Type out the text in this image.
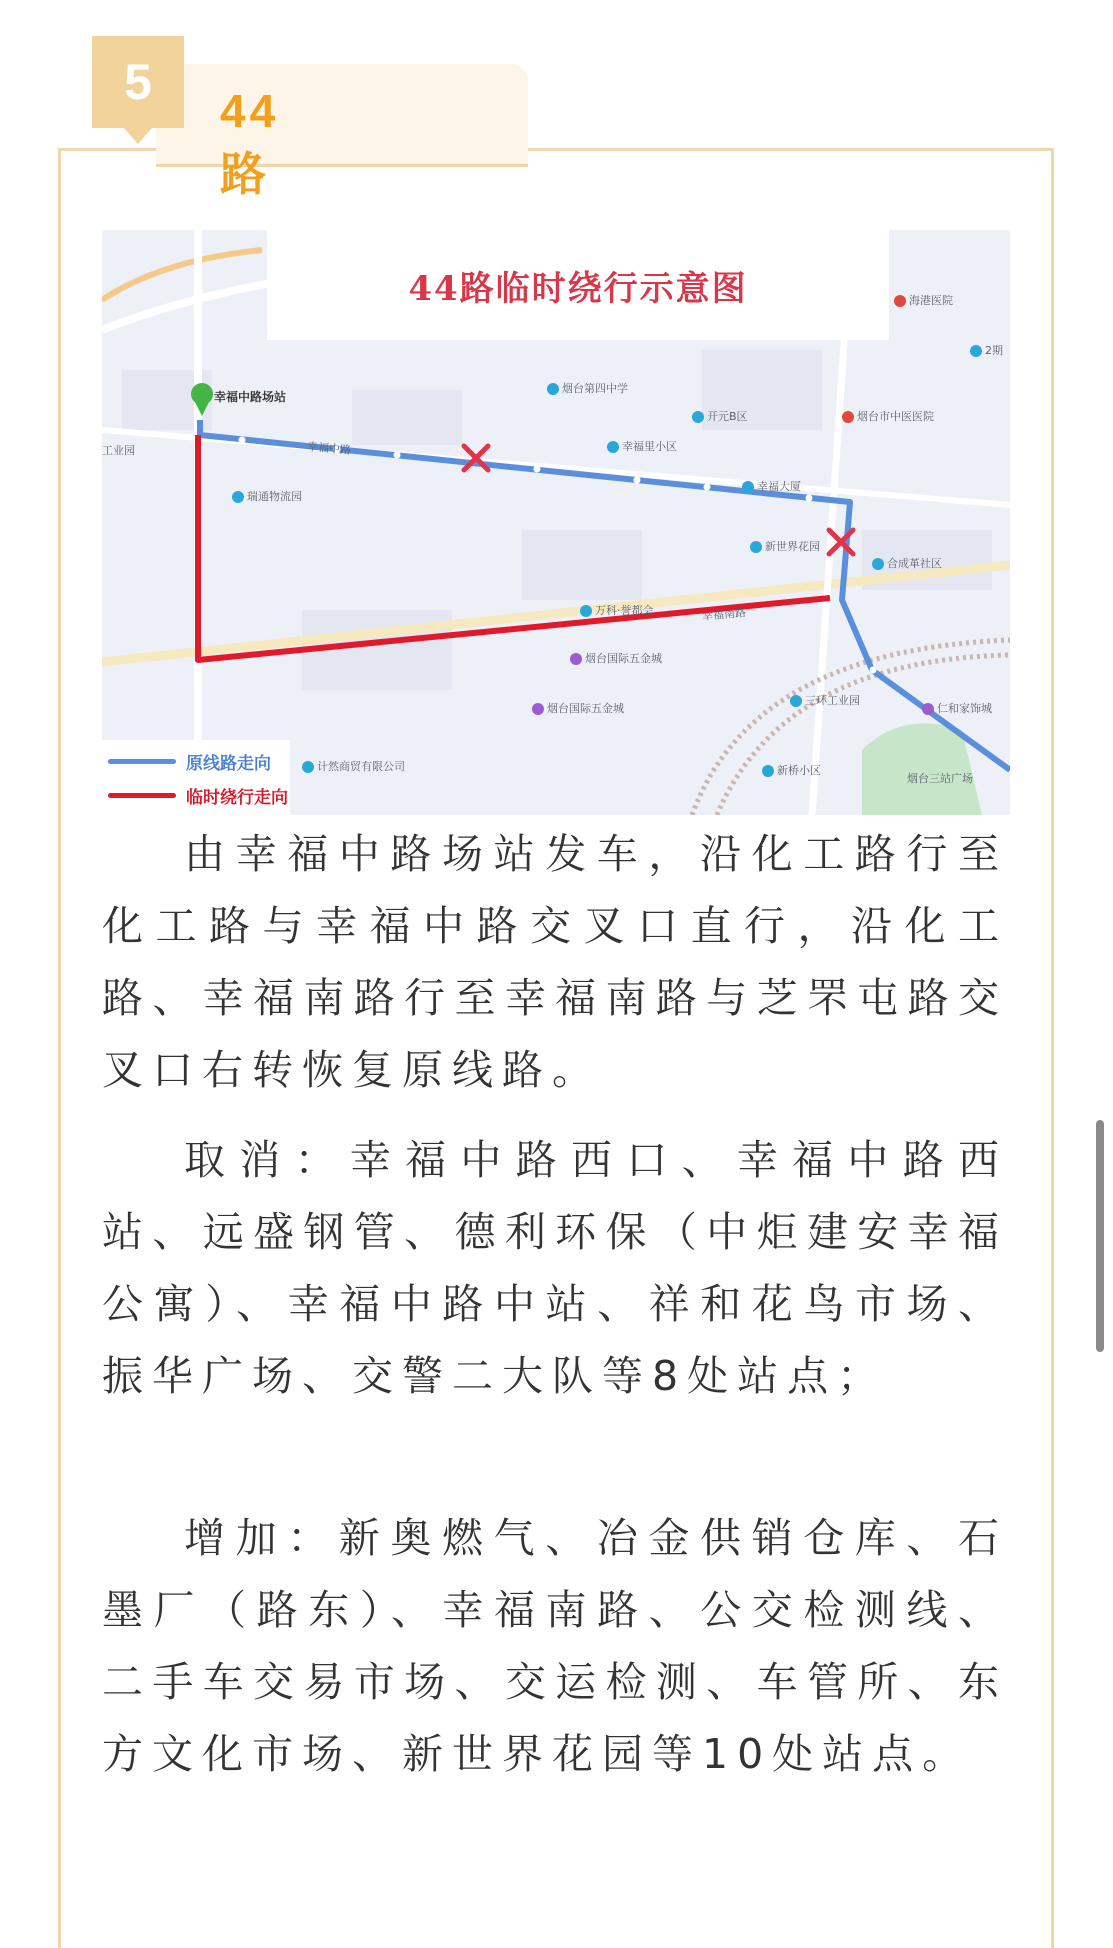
5
44路
44路临时绕行示意图
幸福中路场站
幸福中路
幸福南路
烟台第四中学
开元B区	烟台市中医医院
幸福里小区
幸福大厦
新世界花园
合成革社区
万科·誉都会
烟台国际五金城
烟台国际五金城
三环工业园
新桥小区
烟台三站广场
瑞通物流园
计然商贸有限公司
仁和家饰城
工业园
2期
海港医院
原线路走向
临时绕行走向

由幸福中路场站发车，沿化工路行至化工路与幸福中路交叉口直行，沿化工路、幸福南路行至幸福南路与芝罘屯路交叉口右转恢复原线路。

取消：幸福中路西口、幸福中路西站、远盛钢管、德利环保（中炬建安幸福公寓）、幸福中路中站、祥和花鸟市场、振华广场、交警二大队等8处站点；

增加：新奥燃气、冶金供销仓库、石墨厂（路东）、幸福南路、公交检测线、二手车交易市场、交运检测、车管所、东方文化市场、新世界花园等10处站点。
